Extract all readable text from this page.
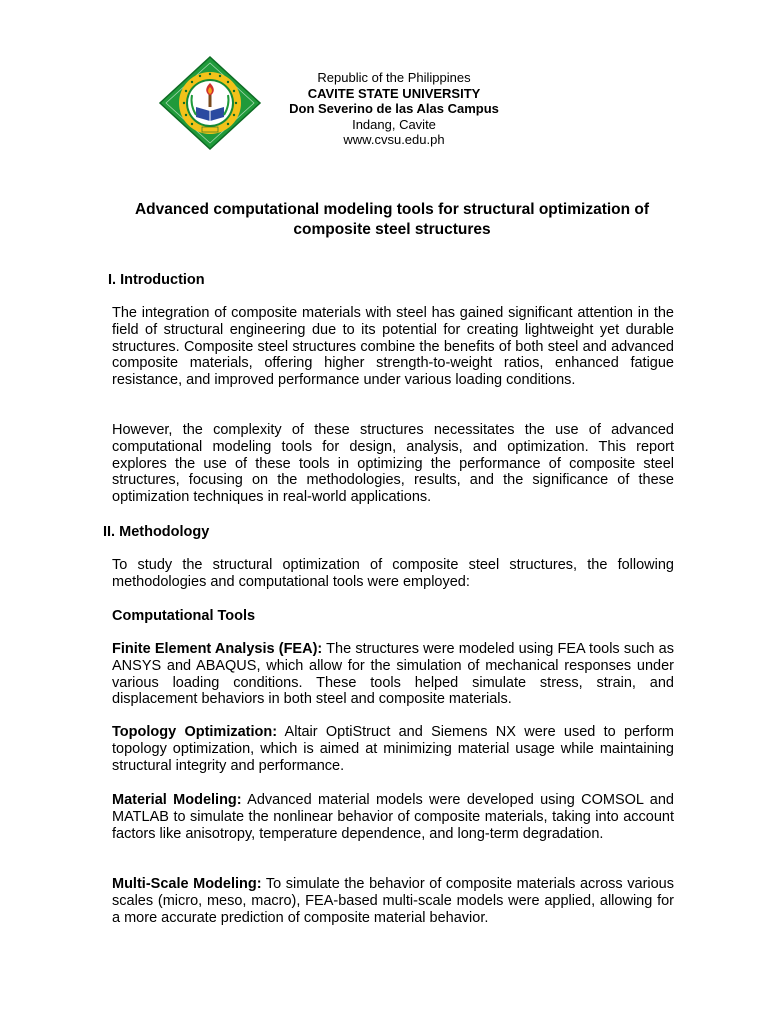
Republic of the Philippines
CAVITE STATE UNIVERSITY
Don Severino de las Alas Campus
Indang, Cavite
www.cvsu.edu.ph
Advanced computational modeling tools for structural optimization of composite steel structures
I. Introduction

The integration of composite materials with steel has gained significant attention in the field of structural engineering due to its potential for creating lightweight yet durable structures. Composite steel structures combine the benefits of both steel and advanced composite materials, offering higher strength-to-weight ratios, enhanced fatigue resistance, and improved performance under various loading conditions.

However, the complexity of these structures necessitates the use of advanced computational modeling tools for design, analysis, and optimization. This report explores the use of these tools in optimizing the performance of composite steel structures, focusing on the methodologies, results, and the significance of these optimization techniques in real-world applications.

II. Methodology

To study the structural optimization of composite steel structures, the following methodologies and computational tools were employed:

Computational Tools

Finite Element Analysis (FEA): The structures were modeled using FEA tools such as ANSYS and ABAQUS, which allow for the simulation of mechanical responses under various loading conditions. These tools helped simulate stress, strain, and displacement behaviors in both steel and composite materials.

Topology Optimization: Altair OptiStruct and Siemens NX were used to perform topology optimization, which is aimed at minimizing material usage while maintaining structural integrity and performance.

Material Modeling: Advanced material models were developed using COMSOL and MATLAB to simulate the nonlinear behavior of composite materials, taking into account factors like anisotropy, temperature dependence, and long-term degradation.

Multi-Scale Modeling: To simulate the behavior of composite materials across various scales (micro, meso, macro), FEA-based multi-scale models were applied, allowing for a more accurate prediction of composite material behavior.
